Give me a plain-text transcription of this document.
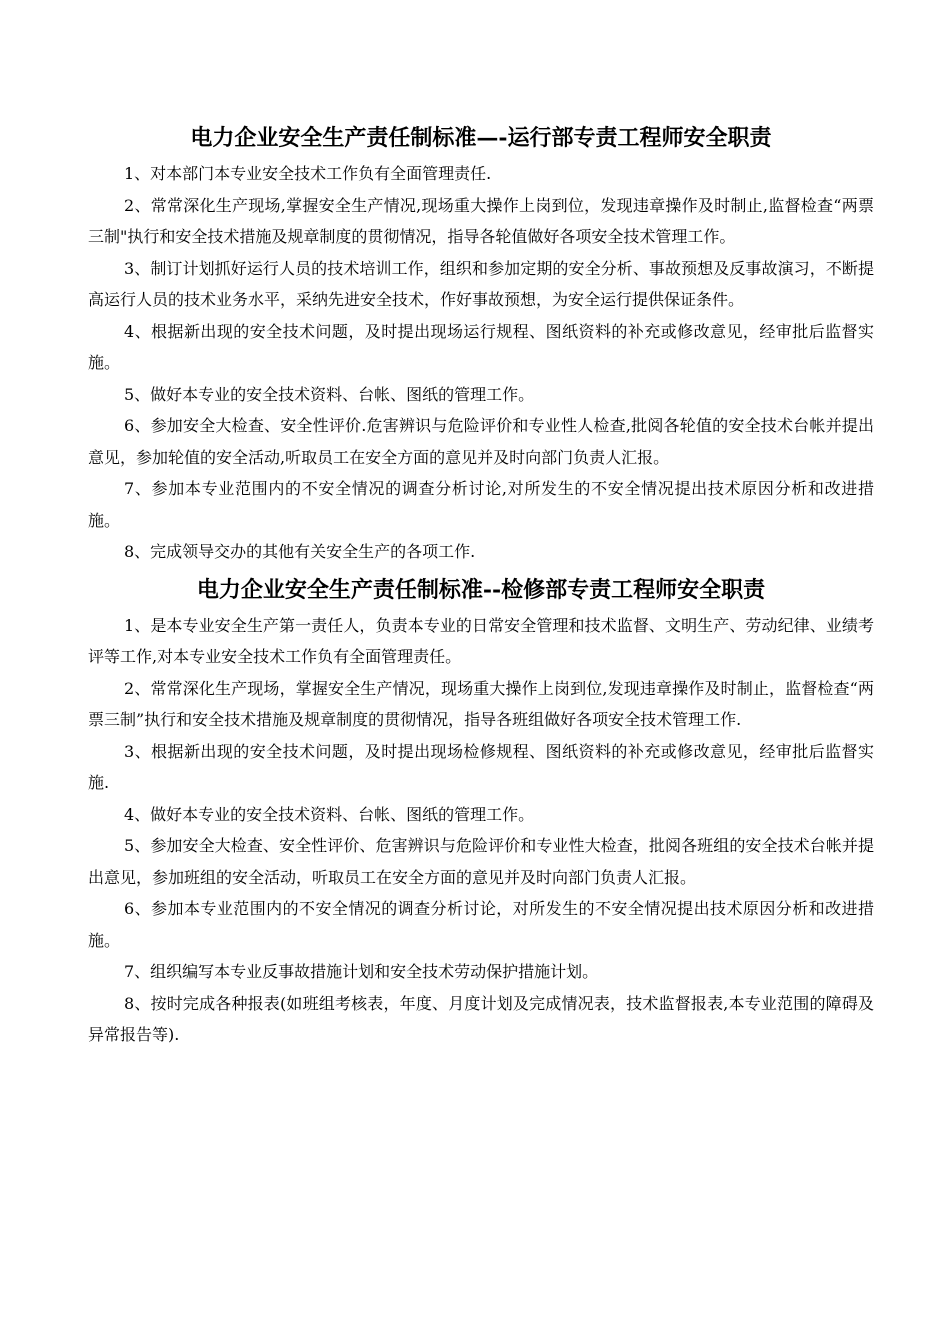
电力企业安全生产责任制标准—-运行部专责工程师安全职责

1、对本部门本专业安全技术工作负有全面管理责任.

2、常常深化生产现场,掌握安全生产情况,现场重大操作上岗到位，发现违章操作及时制止,监督检查“两票三制"执行和安全技术措施及规章制度的贯彻情况，指导各轮值做好各项安全技术管理工作。

3、制订计划抓好运行人员的技术培训工作，组织和参加定期的安全分析、事故预想及反事故演习，不断提高运行人员的技术业务水平，采纳先进安全技术，作好事故预想，为安全运行提供保证条件。

4、根据新出现的安全技术问题，及时提出现场运行规程、图纸资料的补充或修改意见，经审批后监督实施。

5、做好本专业的安全技术资料、台帐、图纸的管理工作。

6、参加安全大检查、安全性评价.危害辨识与危险评价和专业性人检查,批阅各轮值的安全技术台帐并提出意见，参加轮值的安全活动,听取员工在安全方面的意见并及时向部门负责人汇报。

7、参加本专业范围内的不安全情况的调查分析讨论,对所发生的不安全情况提出技术原因分析和改进措施。

8、完成领导交办的其他有关安全生产的各项工作.

电力企业安全生产责任制标准--检修部专责工程师安全职责

1、是本专业安全生产第一责任人，负责本专业的日常安全管理和技术监督、文明生产、劳动纪律、业绩考评等工作,对本专业安全技术工作负有全面管理责任。

2、常常深化生产现场，掌握安全生产情况，现场重大操作上岗到位,发现违章操作及时制止，监督检查“两票三制”执行和安全技术措施及规章制度的贯彻情况，指导各班组做好各项安全技术管理工作.

3、根据新出现的安全技术问题，及时提出现场检修规程、图纸资料的补充或修改意见，经审批后监督实施.

4、做好本专业的安全技术资料、台帐、图纸的管理工作。

5、参加安全大检查、安全性评价、危害辨识与危险评价和专业性大检查，批阅各班组的安全技术台帐并提出意见，参加班组的安全活动，听取员工在安全方面的意见并及时向部门负责人汇报。

6、参加本专业范围内的不安全情况的调查分析讨论，对所发生的不安全情况提出技术原因分析和改进措施。

7、组织编写本专业反事故措施计划和安全技术劳动保护措施计划。

8、按时完成各种报表(如班组考核表，年度、月度计划及完成情况表，技术监督报表,本专业范围的障碍及异常报告等).
